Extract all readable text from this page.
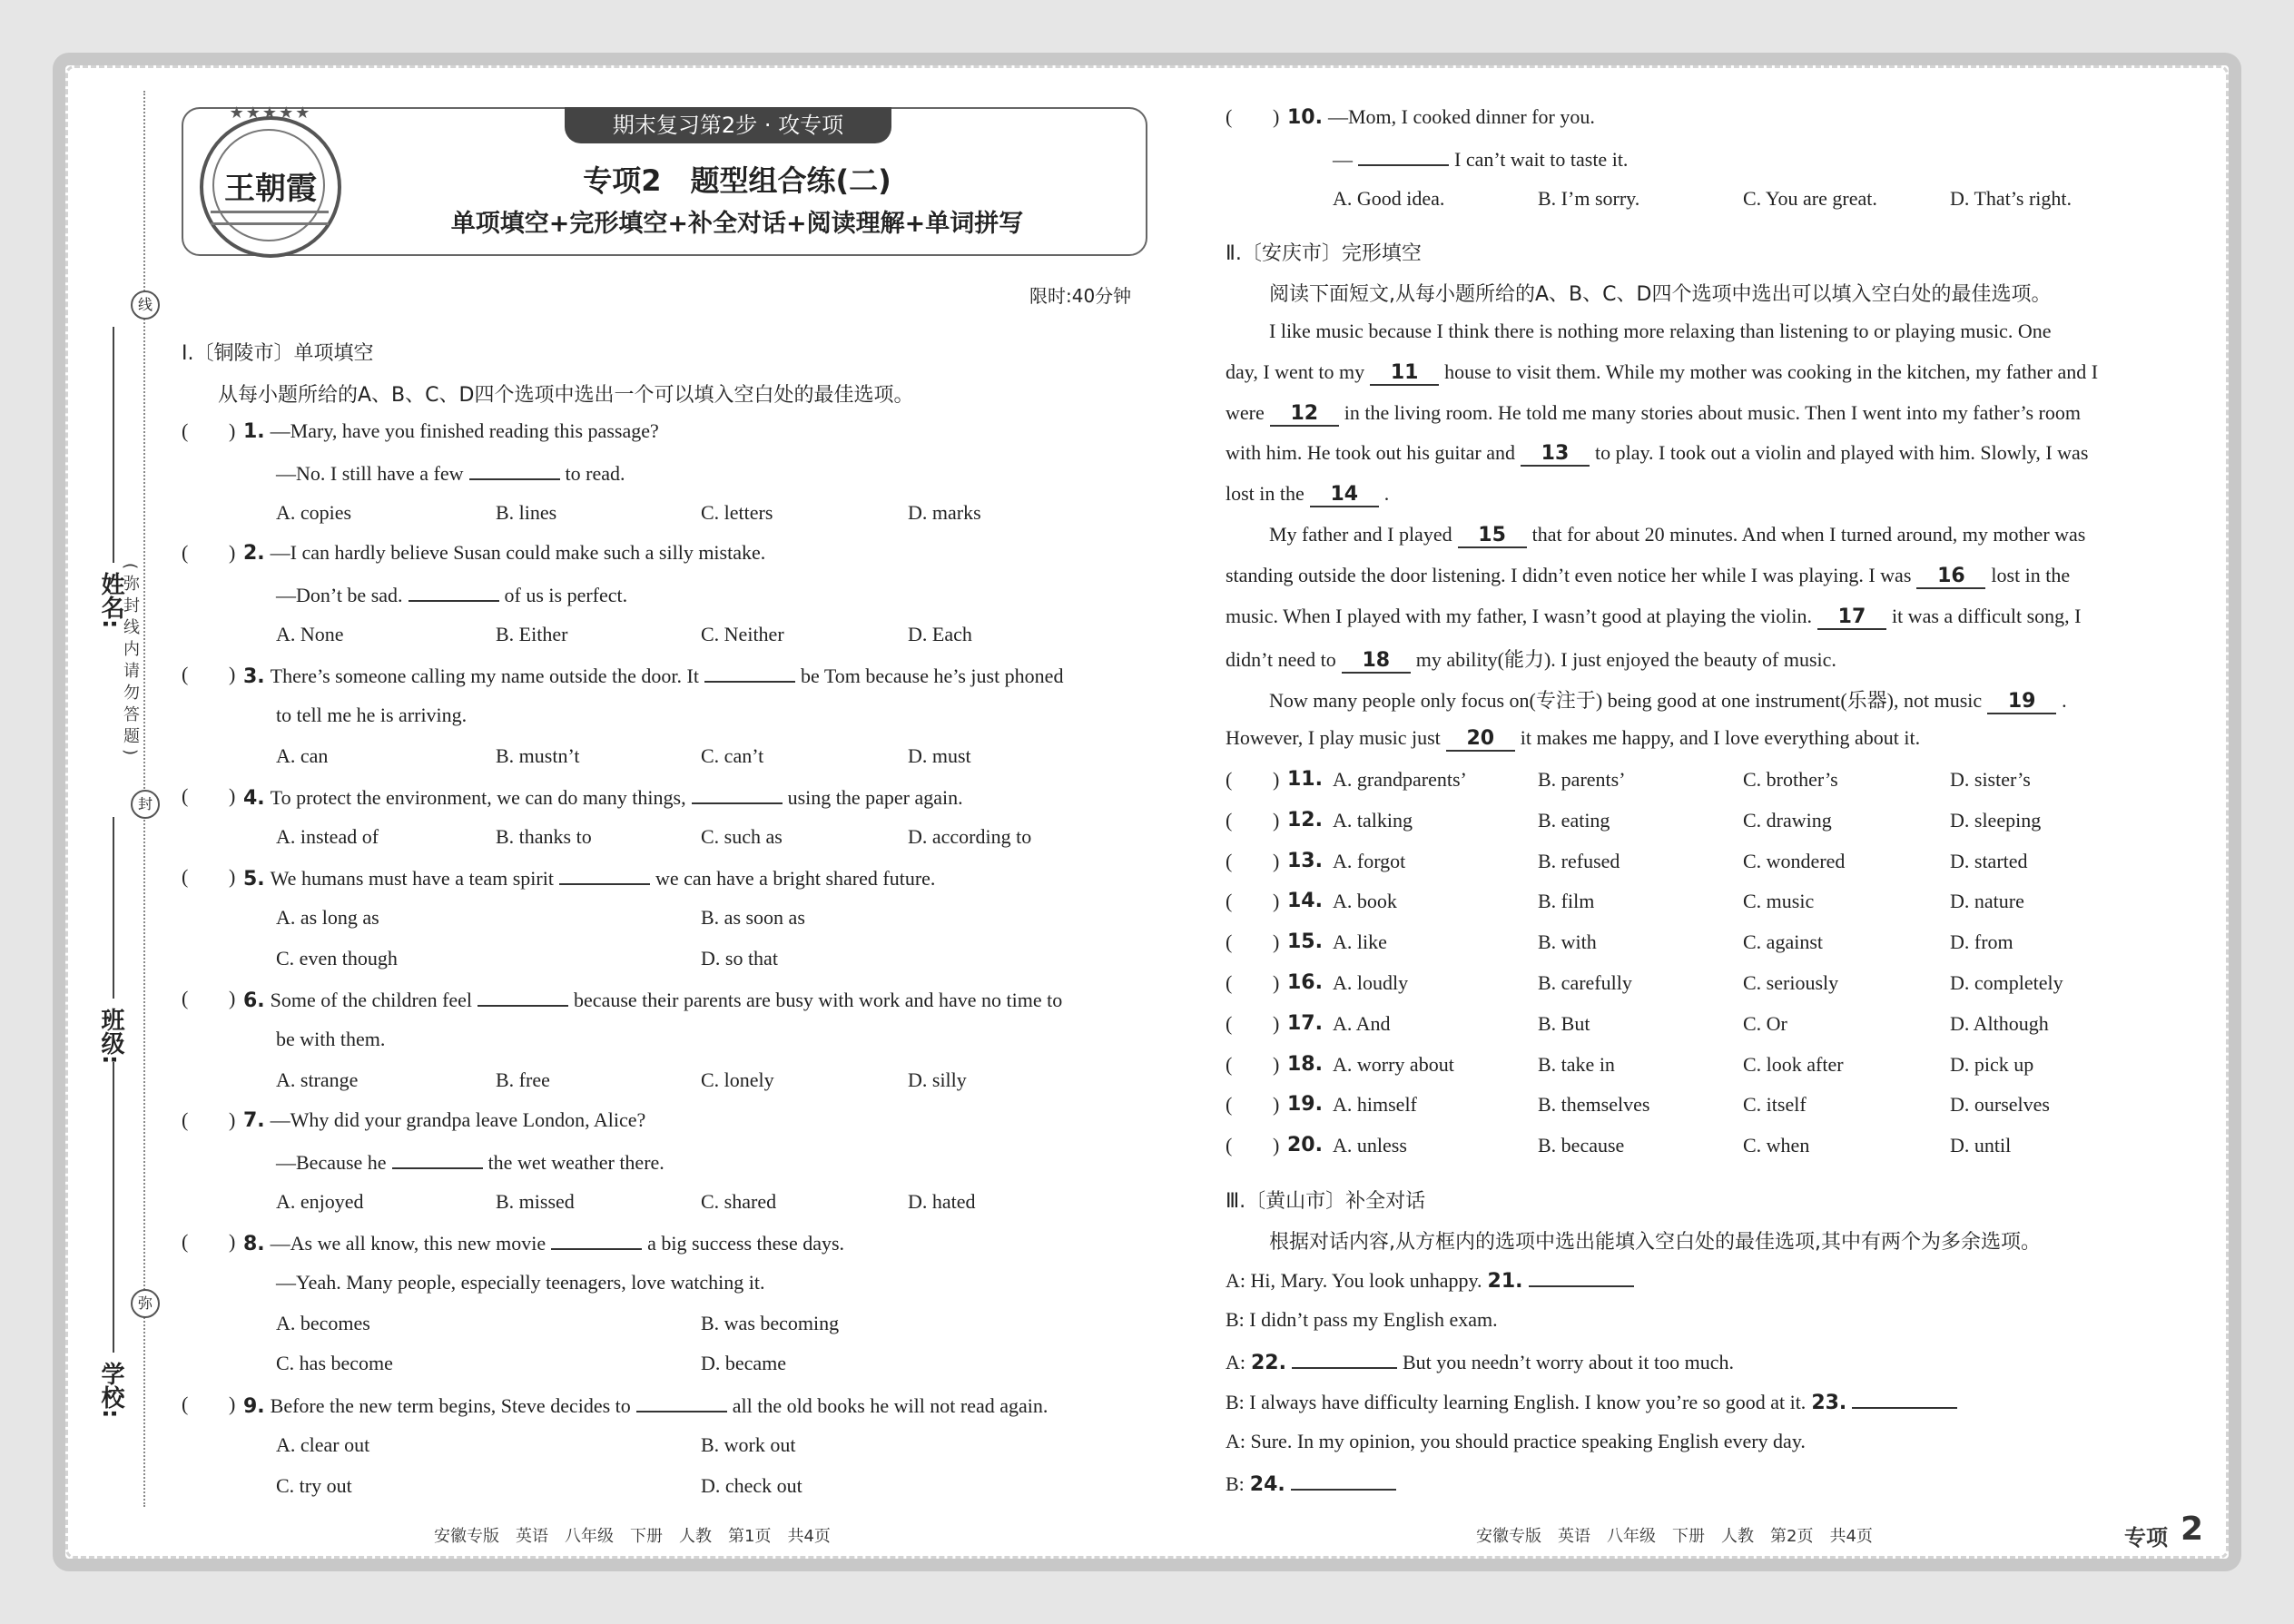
线
姓名:
(弥封线内请勿答题)
封
班级:
弥
学校:
★★★★★
王朝霞
期末复习第2步 · 攻专项
专项2　题型组合练(二)
单项填空+完形填空+补全对话+阅读理解+单词拼写
限时:40分钟
Ⅰ.〔铜陵市〕单项填空
从每小题所给的A、B、C、D四个选项中选出一个可以填入空白处的最佳选项。
( ) 1. —Mary, have you finished reading this passage?
—No. I still have a few	to read.
A. copies	B. lines	C. letters	D. marks
( ) 2. —I can hardly believe Susan could make such a silly mistake.
—Don’t be sad.	of us is perfect.
A. None	B. Either	C. Neither	D. Each
( ) 3. There’s someone calling my name outside the door. It	be Tom because he’s just phoned
to tell me he is arriving.
A. can	B. mustn’t	C. can’t	D. must
( ) 4. To protect the environment, we can do many things,	using the paper again.
A. instead of	B. thanks to	C. such as	D. according to
( ) 5. We humans must have a team spirit	we can have a bright shared future.
A. as long as	B. as soon as
C. even though	D. so that
( ) 6. Some of the children feel	because their parents are busy with work and have no time to
be with them.
A. strange	B. free	C. lonely	D. silly
( ) 7. —Why did your grandpa leave London, Alice?
—Because he	the wet weather there.
A. enjoyed	B. missed	C. shared	D. hated
( ) 8. —As we all know, this new movie	a big success these days.
—Yeah. Many people, especially teenagers, love watching it.
A. becomes	B. was becoming
C. has become	D. became
( ) 9. Before the new term begins, Steve decides to	all the old books he will not read again.
A. clear out	B. work out
C. try out	D. check out
( ) 10. —Mom, I cooked dinner for you.
—	I can’t wait to taste it.
A. Good idea.	B. I’m sorry.	C. You are great.	D. That’s right.
Ⅱ.〔安庆市〕完形填空
阅读下面短文,从每小题所给的A、B、C、D四个选项中选出可以填入空白处的最佳选项。
I like music because I think there is nothing more relaxing than listening to or playing music. One
day, I went to my 11 house to visit them. While my mother was cooking in the kitchen, my father and I
were 12 in the living room. He told me many stories about music. Then I went into my father’s room
with him. He took out his guitar and 13 to play. I took out a violin and played with him. Slowly, I was
lost in the 14 .
My father and I played 15 that for about 20 minutes. And when I turned around, my mother was
standing outside the door listening. I didn’t even notice her while I was playing. I was 16 lost in the
music. When I played with my father, I wasn’t good at playing the violin. 17 it was a difficult song, I
didn’t need to 18 my ability(能力). I just enjoyed the beauty of music.
Now many people only focus on(专注于) being good at one instrument(乐器), not music 19 .
However, I play music just 20 it makes me happy, and I love everything about it.
( ) 11. A. grandparents’	B. parents’	C. brother’s	D. sister’s
( ) 12. A. talking	B. eating	C. drawing	D. sleeping
( ) 13. A. forgot	B. refused	C. wondered	D. started
( ) 14. A. book	B. film	C. music	D. nature
( ) 15. A. like	B. with	C. against	D. from
( ) 16. A. loudly	B. carefully	C. seriously	D. completely
( ) 17. A. And	B. But	C. Or	D. Although
( ) 18. A. worry about	B. take in	C. look after	D. pick up
( ) 19. A. himself	B. themselves	C. itself	D. ourselves
( ) 20. A. unless	B. because	C. when	D. until
Ⅲ.〔黄山市〕补全对话
根据对话内容,从方框内的选项中选出能填入空白处的最佳选项,其中有两个为多余选项。
A: Hi, Mary. You look unhappy. 21.
B: I didn’t pass my English exam.
A: 22.	But you needn’t worry about it too much.
B: I always have difficulty learning English. I know you’re so good at it. 23.
A: Sure. In my opinion, you should practice speaking English every day.
B: 24.
安徽专版　英语　八年级　下册　人教　第1页　共4页	安徽专版　英语　八年级　下册　人教　第2页　共4页	专项 2
